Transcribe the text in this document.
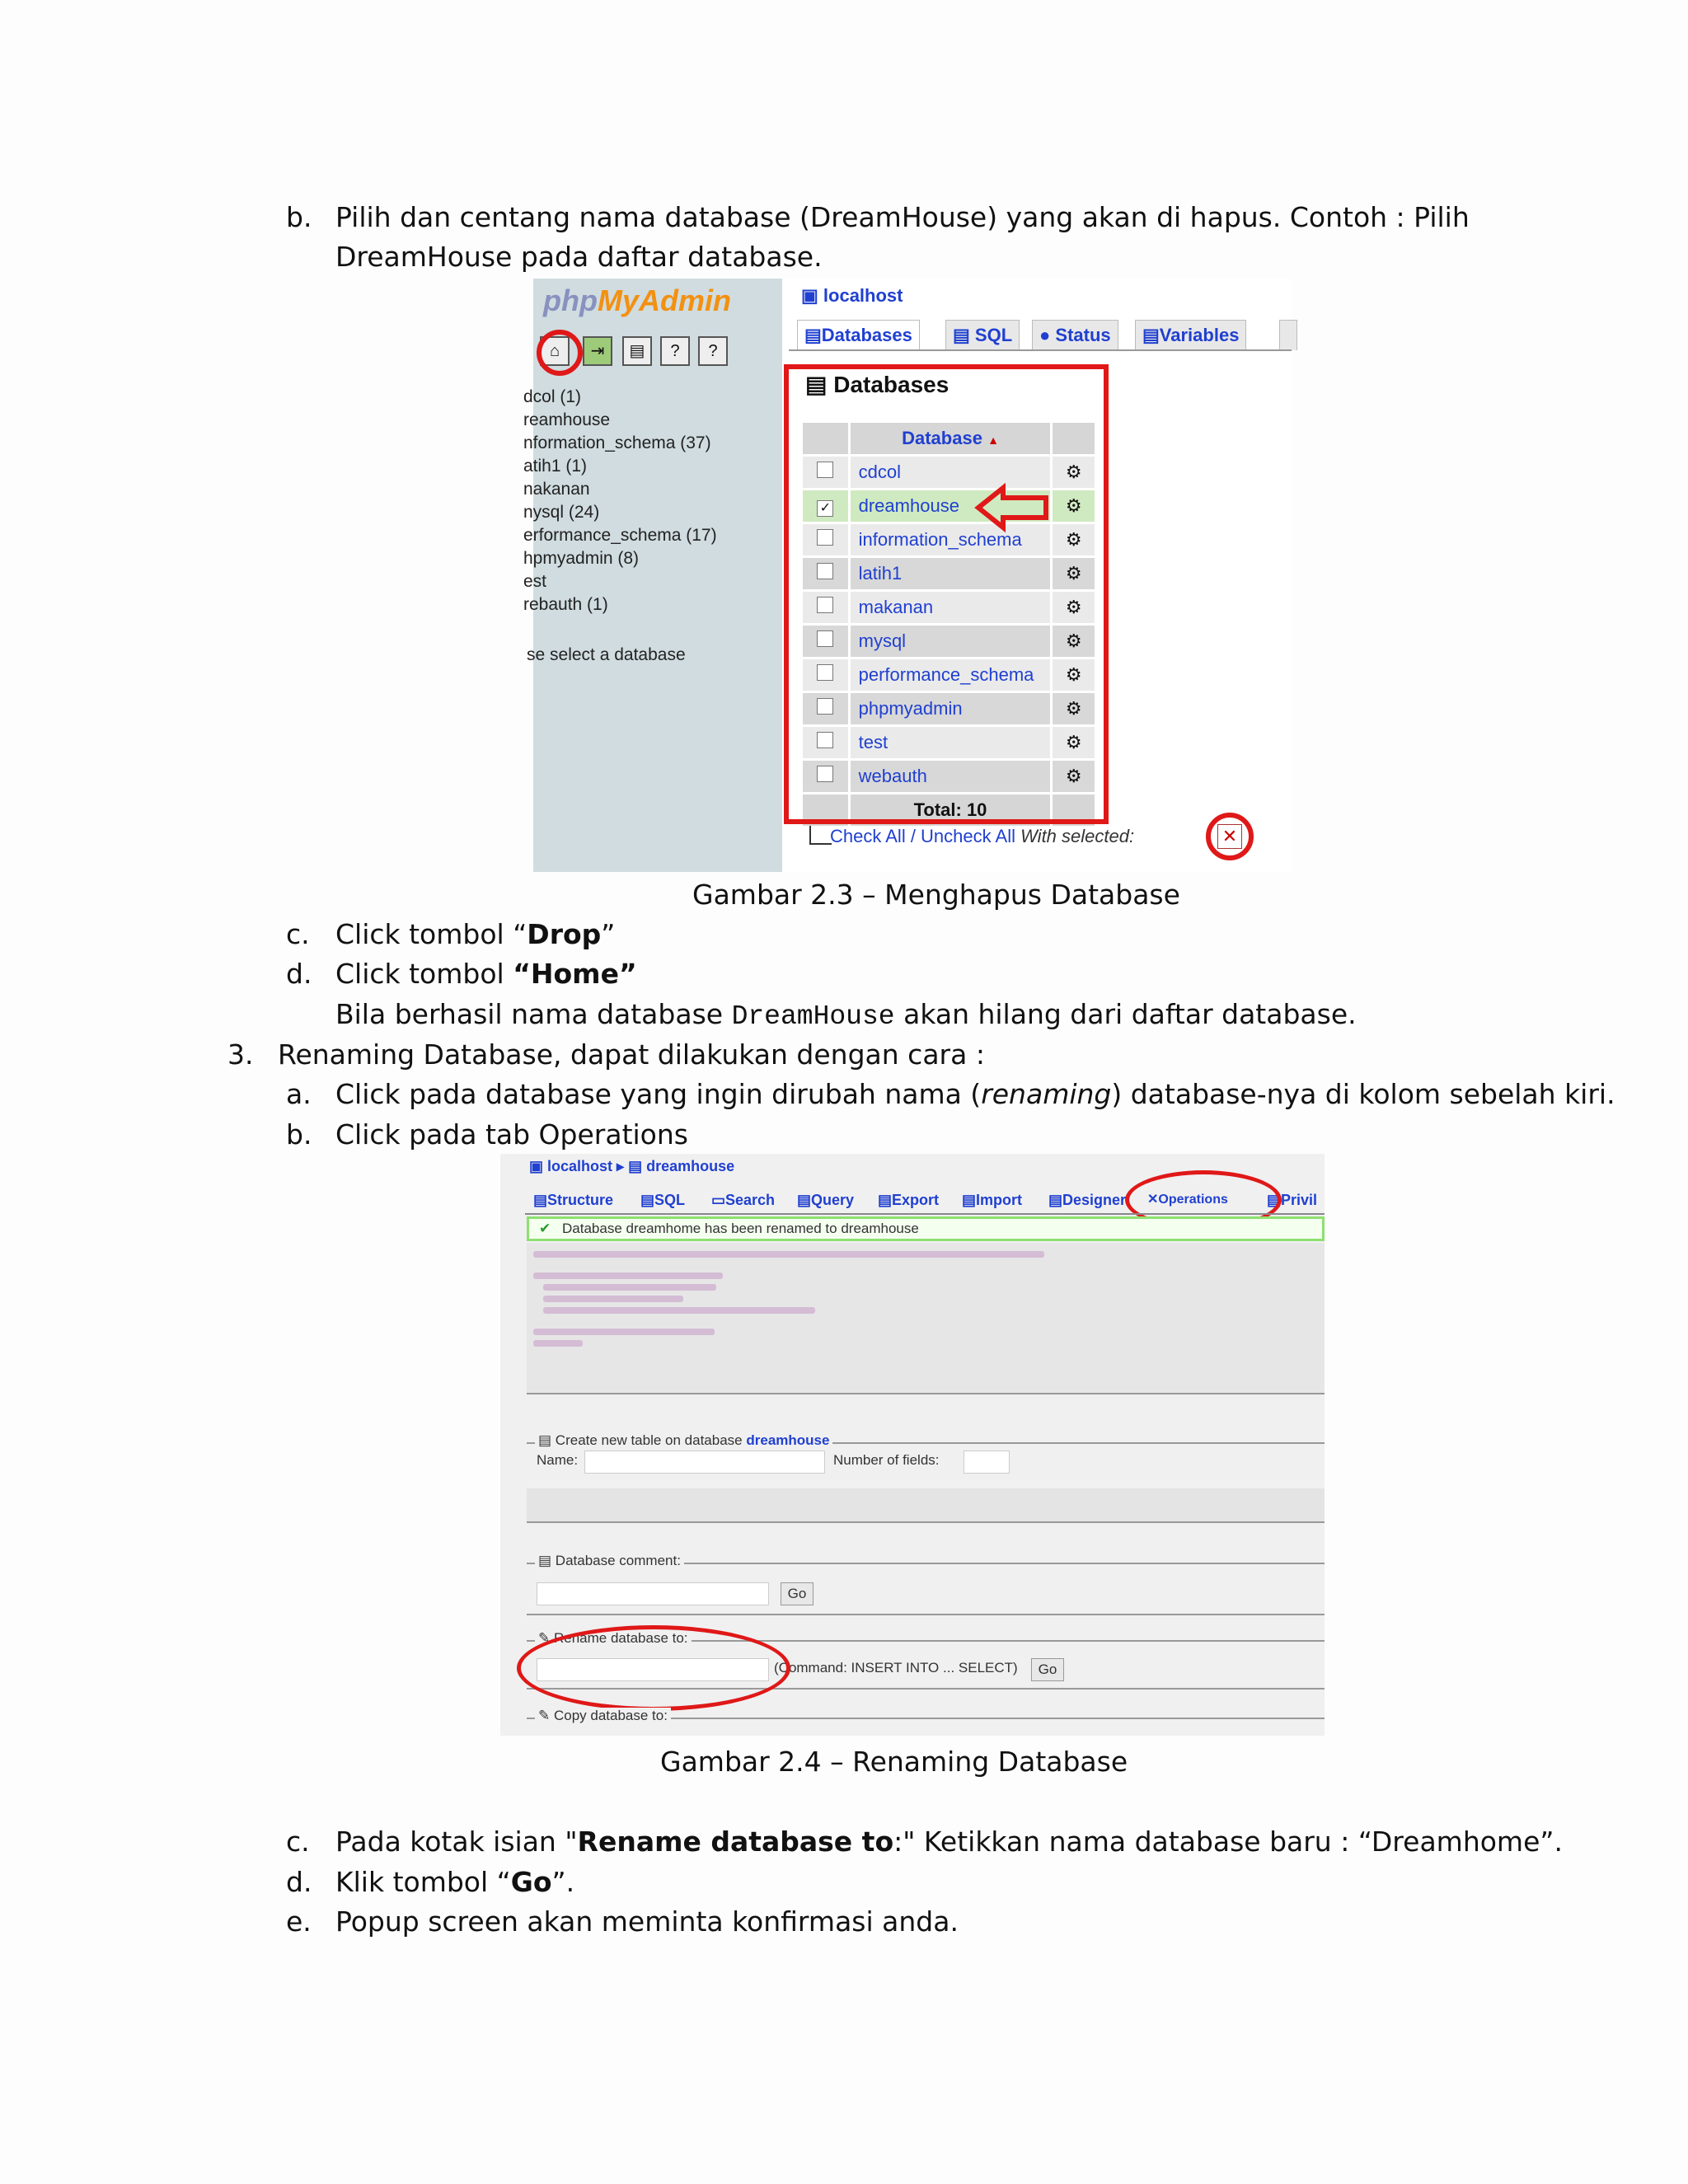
b. Pilih dan centang nama database (DreamHouse) yang akan di hapus. Contoh : Pilih
DreamHouse pada daftar database.
phpMyAdmin
⌂	⇥	▤	?	?
dcol (1)
reamhouse
nformation_schema (37)
atih1 (1)
nakanan
nysql (24)
erformance_schema (17)
hpmyadmin (8)
est
rebauth (1)
se select a database
▣ localhost
▤Databases	▤ SQL	● Status	▤Variables
▤ Databases
	Database ▲	
	cdcol	⚙
✓	dreamhouse	⚙
	information_schema	⚙
	latih1	⚙
	makanan	⚙
	mysql	⚙
	performance_schema	⚙
	phpmyadmin	⚙
	test	⚙
	webauth	⚙
	Total: 10	
Check All / Uncheck All With selected:	✕
Gambar 2.3 – Menghapus Database
c. Click tombol “Drop”
d. Click tombol “Home”
Bila berhasil nama database DreamHouse akan hilang dari daftar database.
3. Renaming Database, dapat dilakukan dengan cara :
a. Click pada database yang ingin dirubah nama (renaming) database-nya di kolom sebelah kiri.
b. Click pada tab Operations
▣ localhost ▸ ▤ dreamhouse
▤Structure ▤SQL ▭Search ▤Query ▤Export ▤Import ▤Designer ✕Operations	▤Privil
✔ Database dreamhome has been renamed to dreamhouse
▤ Create new table on database dreamhouse
Name:	Number of fields:
▤ Database comment:
Go
✎ Rename database to:
(Command: INSERT INTO ... SELECT)	Go
✎ Copy database to:
Gambar 2.4 – Renaming Database
c. Pada kotak isian "Rename database to:" Ketikkan nama database baru : “Dreamhome”.
d. Klik tombol “Go”.
e. Popup screen akan meminta konfirmasi anda.
